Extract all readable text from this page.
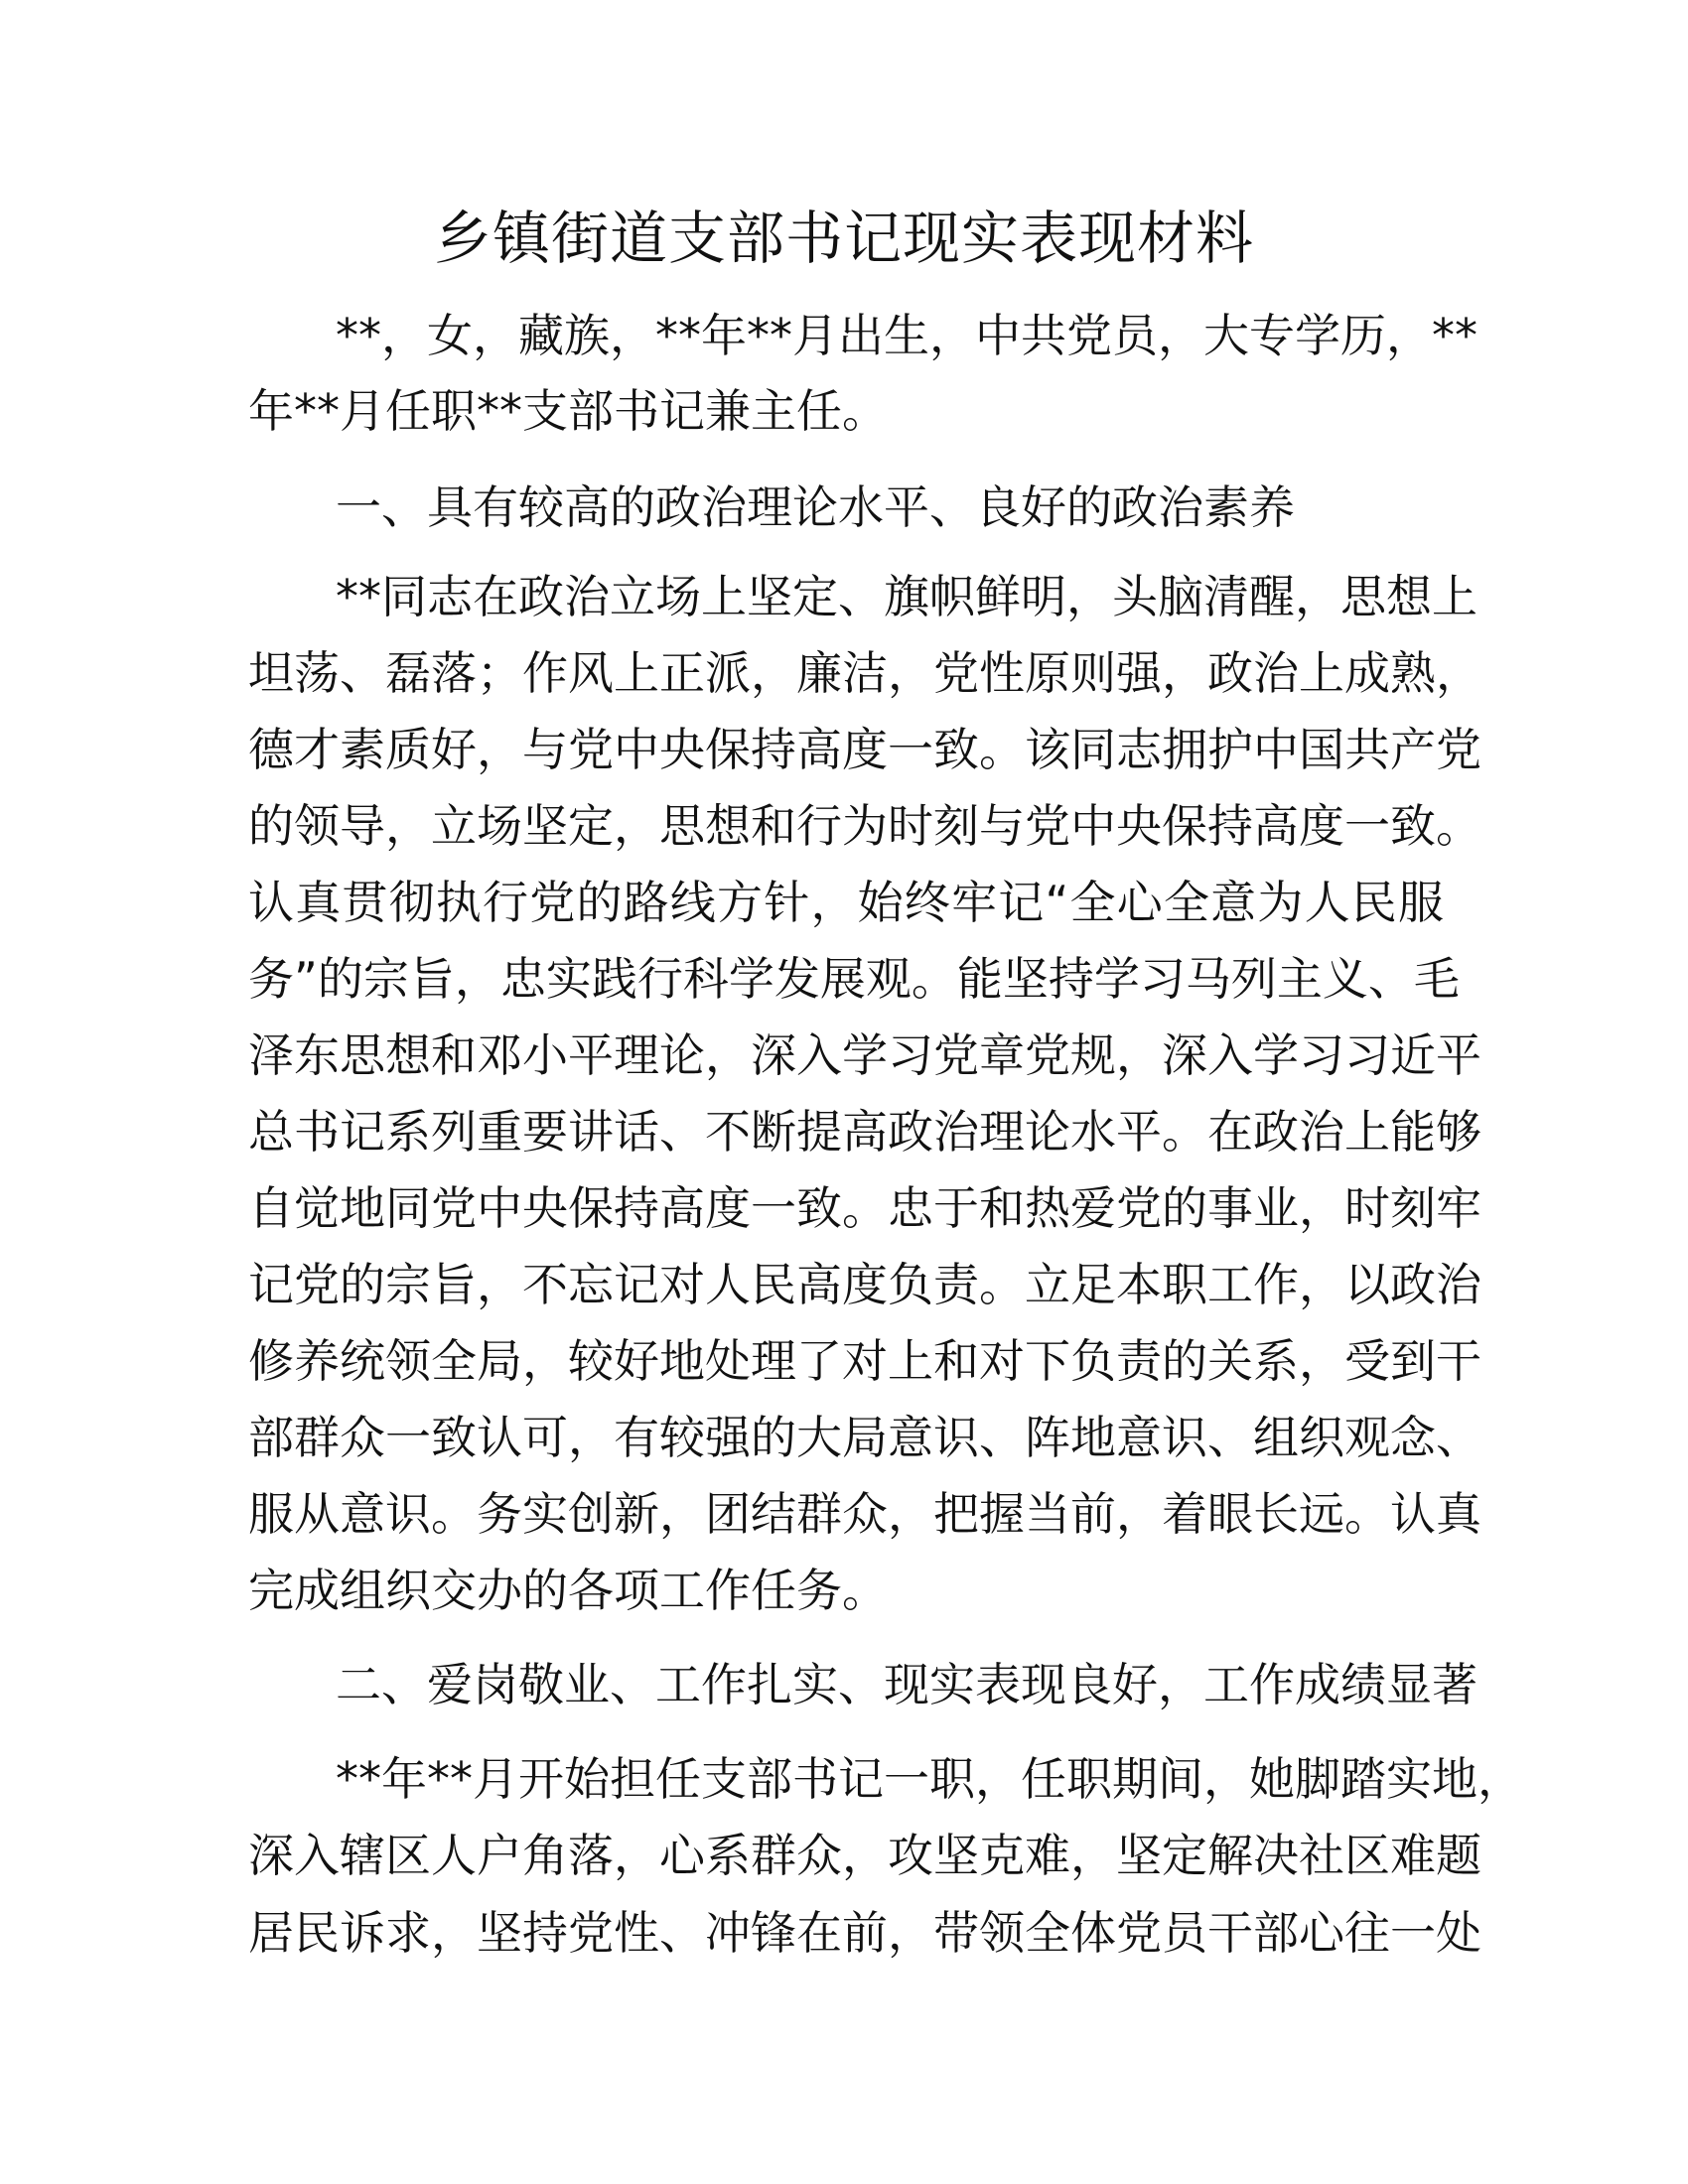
乡镇街道支部书记现实表现材料
**，女，藏族，**年**月出生，中共党员，大专学历，**
年**月任职**支部书记兼主任。
一、具有较高的政治理论水平、良好的政治素养
**同志在政治立场上坚定、旗帜鲜明，头脑清醒，思想上
坦荡、磊落；作风上正派，廉洁，党性原则强，政治上成熟，
德才素质好，与党中央保持高度一致。该同志拥护中国共产党
的领导，立场坚定，思想和行为时刻与党中央保持高度一致。
认真贯彻执行党的路线方针，始终牢记“全心全意为人民服
务”的宗旨，忠实践行科学发展观。能坚持学习马列主义、毛
泽东思想和邓小平理论，深入学习党章党规，深入学习习近平
总书记系列重要讲话、不断提高政治理论水平。在政治上能够
自觉地同党中央保持高度一致。忠于和热爱党的事业，时刻牢
记党的宗旨，不忘记对人民高度负责。立足本职工作，以政治
修养统领全局，较好地处理了对上和对下负责的关系，受到干
部群众一致认可，有较强的大局意识、阵地意识、组织观念、
服从意识。务实创新，团结群众，把握当前，着眼长远。认真
完成组织交办的各项工作任务。
二、爱岗敬业、工作扎实、现实表现良好，工作成绩显著
**年**月开始担任支部书记一职，任职期间，她脚踏实地，
深入辖区人户角落，心系群众，攻坚克难，坚定解决社区难题
居民诉求，坚持党性、冲锋在前，带领全体党员干部心往一处
